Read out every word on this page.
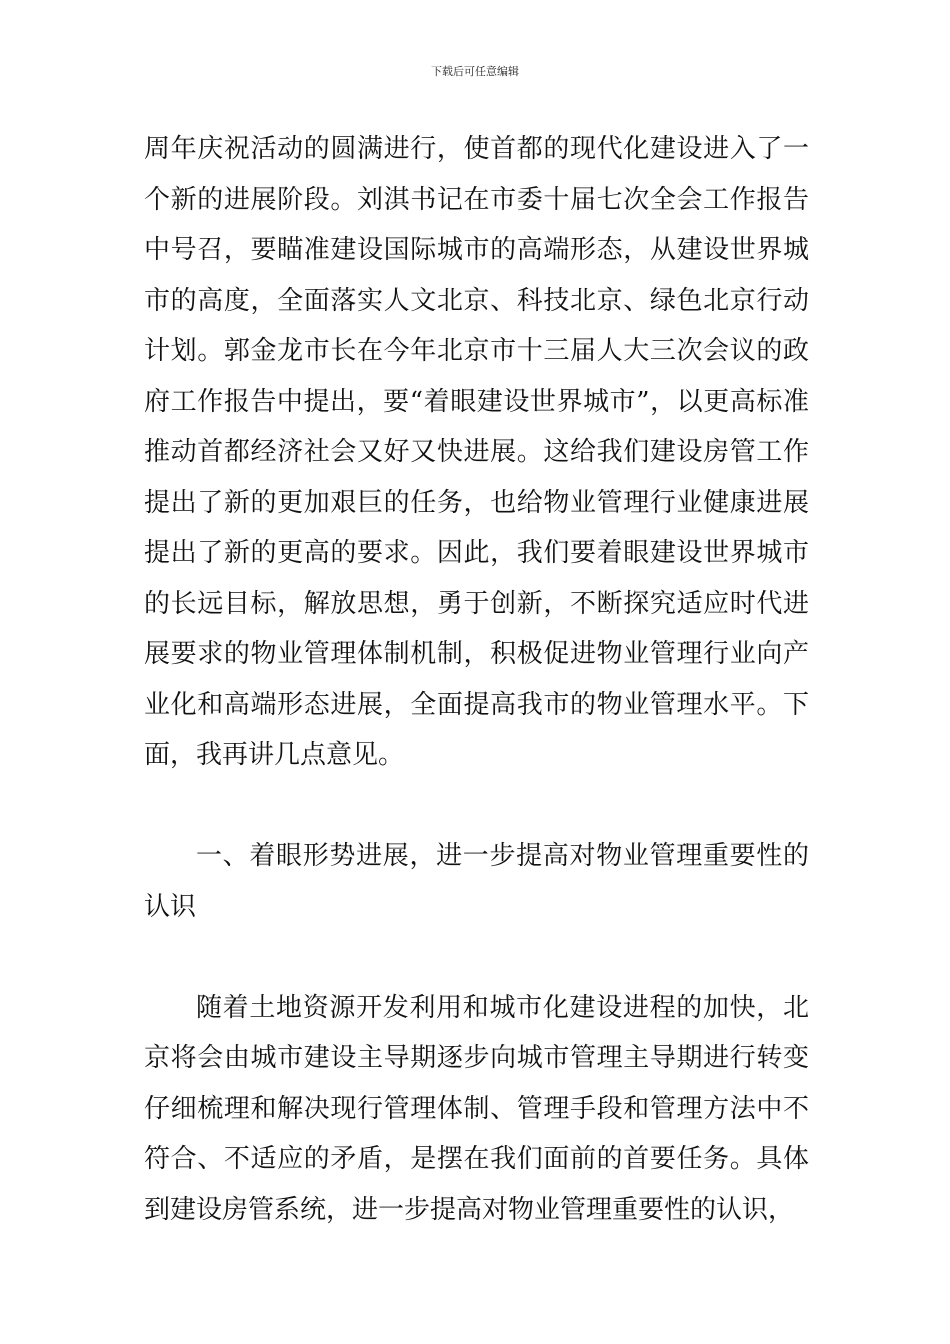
下载后可任意编辑

周年庆祝活动的圆满进行，使首都的现代化建设进入了一个新的进展阶段。刘淇书记在市委十届七次全会工作报告中号召，要瞄准建设国际城市的高端形态，从建设世界城市的高度，全面落实人文北京、科技北京、绿色北京行动计划。郭金龙市长在今年北京市十三届人大三次会议的政府工作报告中提出，要“着眼建设世界城市”，以更高标准推动首都经济社会又好又快进展。这给我们建设房管工作提出了新的更加艰巨的任务，也给物业管理行业健康进展提出了新的更高的要求。因此，我们要着眼建设世界城市的长远目标，解放思想，勇于创新，不断探究适应时代进展要求的物业管理体制机制，积极促进物业管理行业向产业化和高端形态进展，全面提高我市的物业管理水平。下面，我再讲几点意见。

一、着眼形势进展，进一步提高对物业管理重要性的认识

随着土地资源开发利用和城市化建设进程的加快，北京将会由城市建设主导期逐步向城市管理主导期进行转变仔细梳理和解决现行管理体制、管理手段和管理方法中不符合、不适应的矛盾，是摆在我们面前的首要任务。具体到建设房管系统，进一步提高对物业管理重要性的认识，
